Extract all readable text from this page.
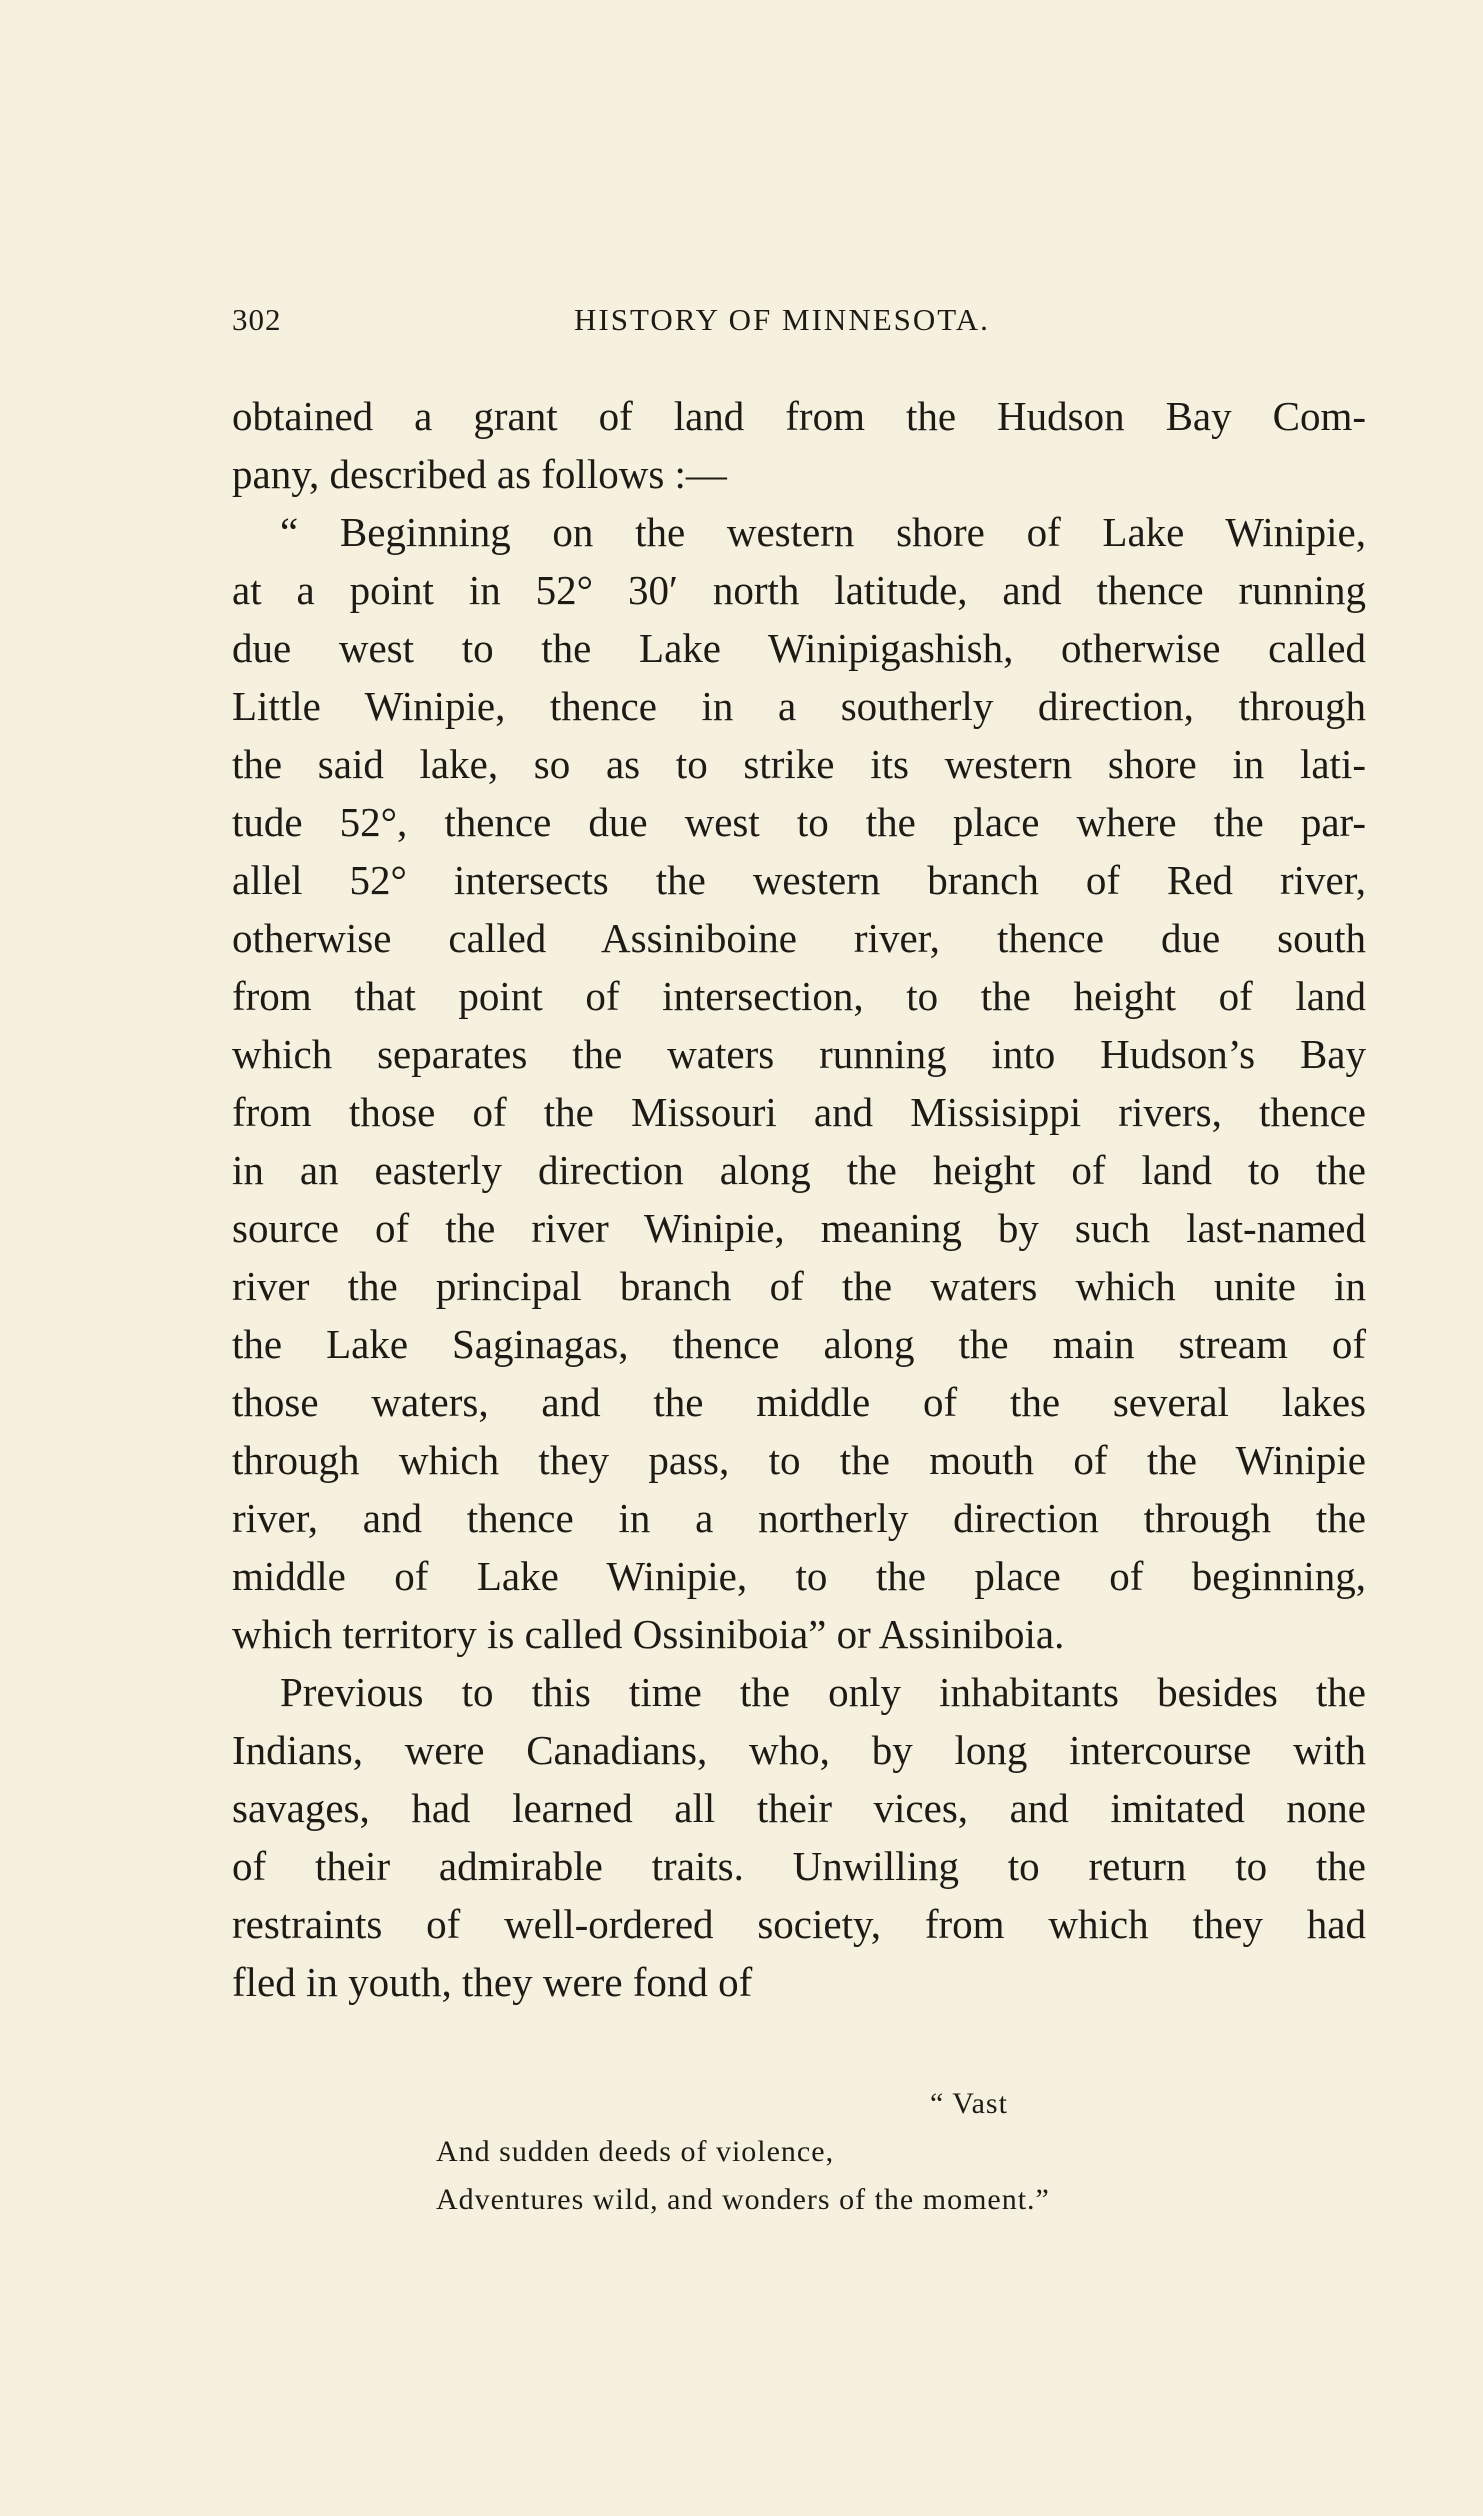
302	HISTORY OF MINNESOTA.
obtained a grant of land from the Hudson Bay Com-
pany, described as follows :—
“ Beginning on the western shore of Lake Winipie,
at a point in 52° 30′ north latitude, and thence running
due west to the Lake Winipigashish, otherwise called
Little Winipie, thence in a southerly direction, through
the said lake, so as to strike its western shore in lati-
tude 52°, thence due west to the place where the par-
allel 52° intersects the western branch of Red river,
otherwise called Assiniboine river, thence due south
from that point of intersection, to the height of land
which separates the waters running into Hudson’s Bay
from those of the Missouri and Missisippi rivers, thence
in an easterly direction along the height of land to the
source of the river Winipie, meaning by such last-named
river the principal branch of the waters which unite in
the Lake Saginagas, thence along the main stream of
those waters, and the middle of the several lakes
through which they pass, to the mouth of the Winipie
river, and thence in a northerly direction through the
middle of Lake Winipie, to the place of beginning,
which territory is called Ossiniboia” or Assiniboia.
Previous to this time the only inhabitants besides the
Indians, were Canadians, who, by long intercourse with
savages, had learned all their vices, and imitated none
of their admirable traits. Unwilling to return to the
restraints of well-ordered society, from which they had
fled in youth, they were fond of
“ Vast
And sudden deeds of violence,
Adventures wild, and wonders of the moment.”
